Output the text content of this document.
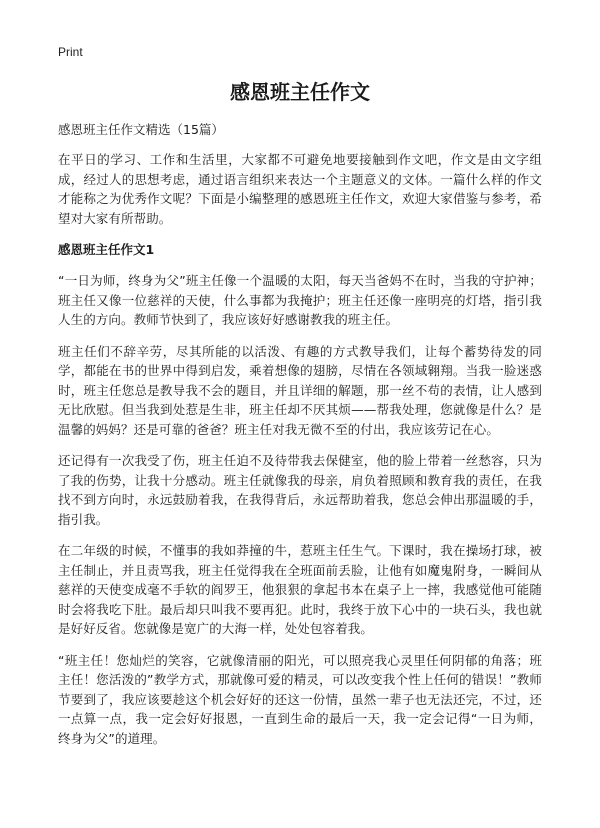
Print
感恩班主任作文

感恩班主任作文精选（15篇）

在平日的学习、工作和生活里，大家都不可避免地要接触到作文吧，作文是由文字组成，经过人的思想考虑，通过语言组织来表达一个主题意义的文体。一篇什么样的作文才能称之为优秀作文呢？下面是小编整理的感恩班主任作文，欢迎大家借鉴与参考，希望对大家有所帮助。

感恩班主任作文1

“一日为师，终身为父”班主任像一个温暖的太阳，每天当爸妈不在时，当我的守护神；班主任又像一位慈祥的天使，什么事都为我掩护；班主任还像一座明亮的灯塔，指引我人生的方向。教师节快到了，我应该好好感谢教我的班主任。

班主任们不辞辛劳，尽其所能的以活泼、有趣的方式教导我们，让每个蓄势待发的同学，都能在书的世界中得到启发，乘着想像的翅膀，尽情在各领域翱翔。当我一脸迷惑时，班主任您总是教导我不会的题目，并且详细的解题，那一丝不苟的表情，让人感到无比欣慰。但当我到处惹是生非，班主任却不厌其烦——帮我处理，您就像是什么？是温馨的妈妈？还是可靠的爸爸？班主任对我无微不至的付出，我应该劳记在心。

还记得有一次我受了伤，班主任迫不及待带我去保健室，他的脸上带着一丝愁容，只为了我的伤势，让我十分感动。班主任就像我的母亲，肩负着照顾和教育我的责任，在我找不到方向时，永远鼓励着我，在我得背后，永远帮助着我，您总会伸出那温暖的手，指引我。

在二年级的时候，不懂事的我如莽撞的牛，惹班主任生气。下课时，我在操场打球，被主任制止，并且责骂我，班主任觉得我在全班面前丢脸，让他有如魔鬼附身，一瞬间从慈祥的天使变成毫不手软的阎罗王，他狠狠的拿起书本在桌子上一摔，我感觉他可能随时会将我吃下肚。最后却只叫我不要再犯。此时，我终于放下心中的一块石头，我也就是好好反省。您就像是宽广的大海一样，处处包容着我。

“班主任！您灿烂的笑容，它就像清丽的阳光，可以照亮我心灵里任何阴郁的角落；班主任！您活泼的”教学方式，那就像可爱的精灵，可以改变我个性上任何的错误！”教师节要到了，我应该要趁这个机会好好的还这一份情，虽然一辈子也无法还完，不过，还一点算一点，我一定会好好报恩，一直到生命的最后一天，我一定会记得“一日为师，终身为父”的道理。
